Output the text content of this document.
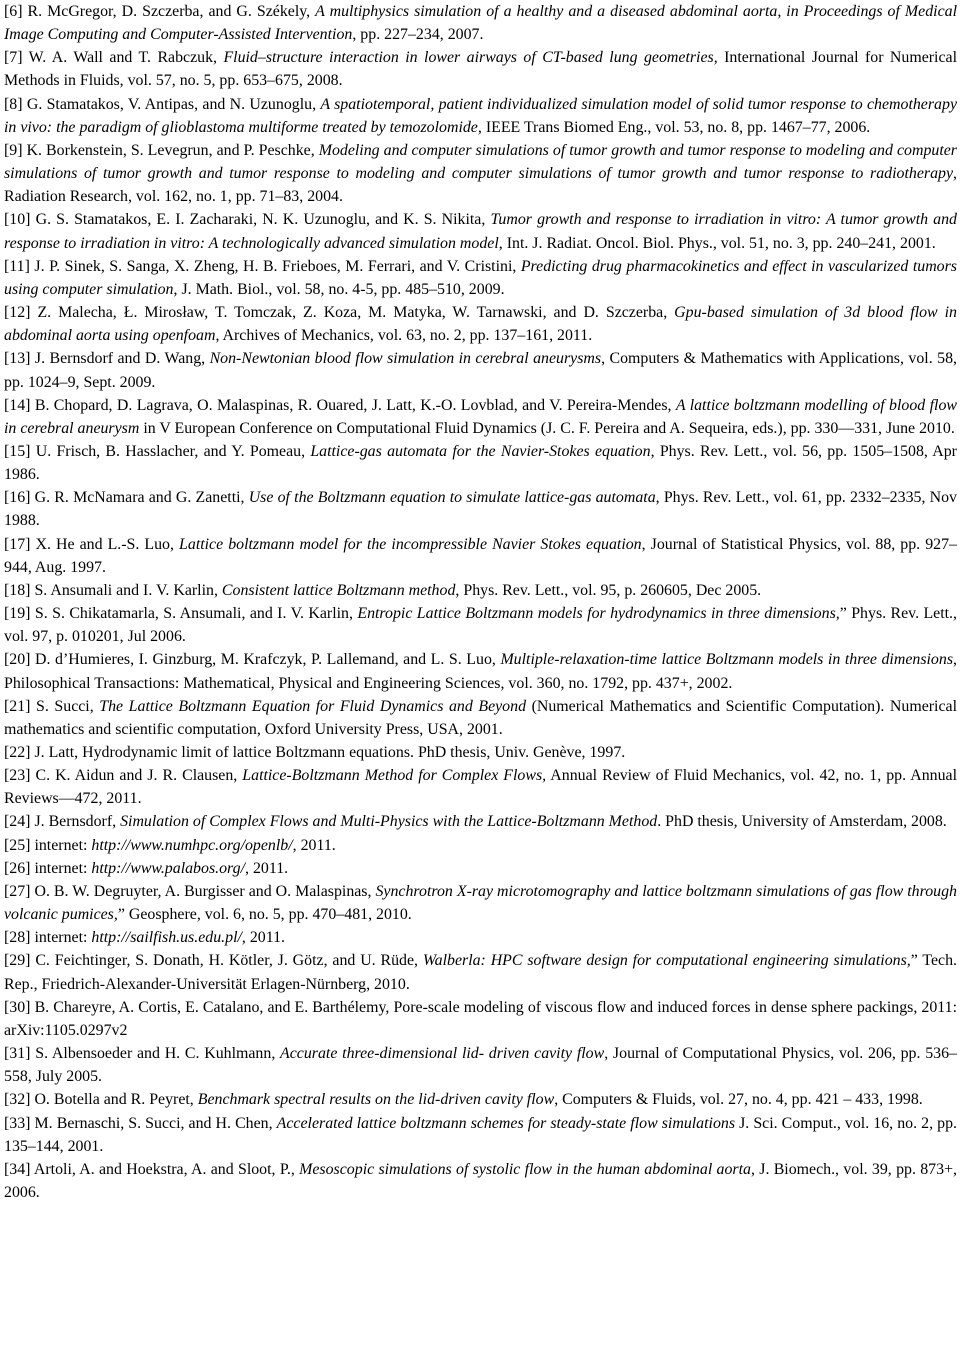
[6] R. McGregor, D. Szczerba, and G. Székely, A multiphysics simulation of a healthy and a diseased abdominal aorta, in Proceedings of Medical Image Computing and Computer-Assisted Intervention, pp. 227–234, 2007.

[7] W. A. Wall and T. Rabczuk, Fluid–structure interaction in lower airways of CT-based lung geometries, International Journal for Numerical Methods in Fluids, vol. 57, no. 5, pp. 653–675, 2008.

[8] G. Stamatakos, V. Antipas, and N. Uzunoglu, A spatiotemporal, patient individualized simulation model of solid tumor response to chemotherapy in vivo: the paradigm of glioblastoma multiforme treated by temozolomide, IEEE Trans Biomed Eng., vol. 53, no. 8, pp. 1467–77, 2006.

[9] K. Borkenstein, S. Levegrun, and P. Peschke, Modeling and computer simulations of tumor growth and tumor response to modeling and computer simulations of tumor growth and tumor response to modeling and computer simulations of tumor growth and tumor response to radiotherapy, Radiation Research, vol. 162, no. 1, pp. 71–83, 2004.

[10] G. S. Stamatakos, E. I. Zacharaki, N. K. Uzunoglu, and K. S. Nikita, Tumor growth and response to irradiation in vitro: A tumor growth and response to irradiation in vitro: A technologically advanced simulation model, Int. J. Radiat. Oncol. Biol. Phys., vol. 51, no. 3, pp. 240–241, 2001.

[11] J. P. Sinek, S. Sanga, X. Zheng, H. B. Frieboes, M. Ferrari, and V. Cristini, Predicting drug pharmacokinetics and effect in vascularized tumors using computer simulation, J. Math. Biol., vol. 58, no. 4-5, pp. 485–510, 2009.

[12] Z. Malecha, Ł. Mirosław, T. Tomczak, Z. Koza, M. Matyka, W. Tarnawski, and D. Szczerba, Gpu-based simulation of 3d blood flow in abdominal aorta using openfoam, Archives of Mechanics, vol. 63, no. 2, pp. 137–161, 2011.

[13] J. Bernsdorf and D. Wang, Non-Newtonian blood flow simulation in cerebral aneurysms, Computers & Mathematics with Applications, vol. 58, pp. 1024–9, Sept. 2009.

[14] B. Chopard, D. Lagrava, O. Malaspinas, R. Ouared, J. Latt, K.-O. Lovblad, and V. Pereira-Mendes, A lattice boltzmann modelling of blood flow in cerebral aneurysm in V European Conference on Computational Fluid Dynamics (J. C. F. Pereira and A. Sequeira, eds.), pp. 330—331, June 2010.

[15] U. Frisch, B. Hasslacher, and Y. Pomeau, Lattice-gas automata for the Navier-Stokes equation, Phys. Rev. Lett., vol. 56, pp. 1505–1508, Apr 1986.

[16] G. R. McNamara and G. Zanetti, Use of the Boltzmann equation to simulate lattice-gas automata, Phys. Rev. Lett., vol. 61, pp. 2332–2335, Nov 1988.

[17] X. He and L.-S. Luo, Lattice boltzmann model for the incompressible Navier Stokes equation, Journal of Statistical Physics, vol. 88, pp. 927– 944, Aug. 1997.

[18] S. Ansumali and I. V. Karlin, Consistent lattice Boltzmann method, Phys. Rev. Lett., vol. 95, p. 260605, Dec 2005.

[19] S. S. Chikatamarla, S. Ansumali, and I. V. Karlin, Entropic Lattice Boltzmann models for hydrodynamics in three dimensions,” Phys. Rev. Lett., vol. 97, p. 010201, Jul 2006.

[20] D. d’Humieres, I. Ginzburg, M. Krafczyk, P. Lallemand, and L. S. Luo, Multiple-relaxation-time lattice Boltzmann models in three dimensions, Philosophical Transactions: Mathematical, Physical and Engineering Sciences, vol. 360, no. 1792, pp. 437+, 2002.

[21] S. Succi, The Lattice Boltzmann Equation for Fluid Dynamics and Beyond (Numerical Mathematics and Scientific Computation). Numerical mathematics and scientific computation, Oxford University Press, USA, 2001.

[22] J. Latt, Hydrodynamic limit of lattice Boltzmann equations. PhD thesis, Univ. Genève, 1997.

[23] C. K. Aidun and J. R. Clausen, Lattice-Boltzmann Method for Complex Flows, Annual Review of Fluid Mechanics, vol. 42, no. 1, pp. Annual Reviews—472, 2011.

[24] J. Bernsdorf, Simulation of Complex Flows and Multi-Physics with the Lattice-Boltzmann Method. PhD thesis, University of Amsterdam, 2008.

[25] internet: http://www.numhpc.org/openlb/, 2011.

[26] internet: http://www.palabos.org/, 2011.

[27] O. B. W. Degruyter, A. Burgisser and O. Malaspinas, Synchrotron X-ray microtomography and lattice boltzmann simulations of gas flow through volcanic pumices,” Geosphere, vol. 6, no. 5, pp. 470–481, 2010.

[28] internet: http://sailfish.us.edu.pl/, 2011.

[29] C. Feichtinger, S. Donath, H. Kötler, J. Götz, and U. Rüde, Walberla: HPC software design for computational engineering simulations,” Tech. Rep., Friedrich-Alexander-Universität Erlagen-Nürnberg, 2010.

[30] B. Chareyre, A. Cortis, E. Catalano, and E. Barthélemy, Pore-scale modeling of viscous flow and induced forces in dense sphere packings, 2011: arXiv:1105.0297v2

[31] S. Albensoeder and H. C. Kuhlmann, Accurate three-dimensional lid- driven cavity flow, Journal of Computational Physics, vol. 206, pp. 536– 558, July 2005.

[32] O. Botella and R. Peyret, Benchmark spectral results on the lid-driven cavity flow, Computers & Fluids, vol. 27, no. 4, pp. 421 – 433, 1998.

[33] M. Bernaschi, S. Succi, and H. Chen, Accelerated lattice boltzmann schemes for steady-state flow simulations J. Sci. Comput., vol. 16, no. 2, pp. 135–144, 2001.

[34] Artoli, A. and Hoekstra, A. and Sloot, P., Mesoscopic simulations of systolic flow in the human abdominal aorta, J. Biomech., vol. 39, pp. 873+, 2006.
